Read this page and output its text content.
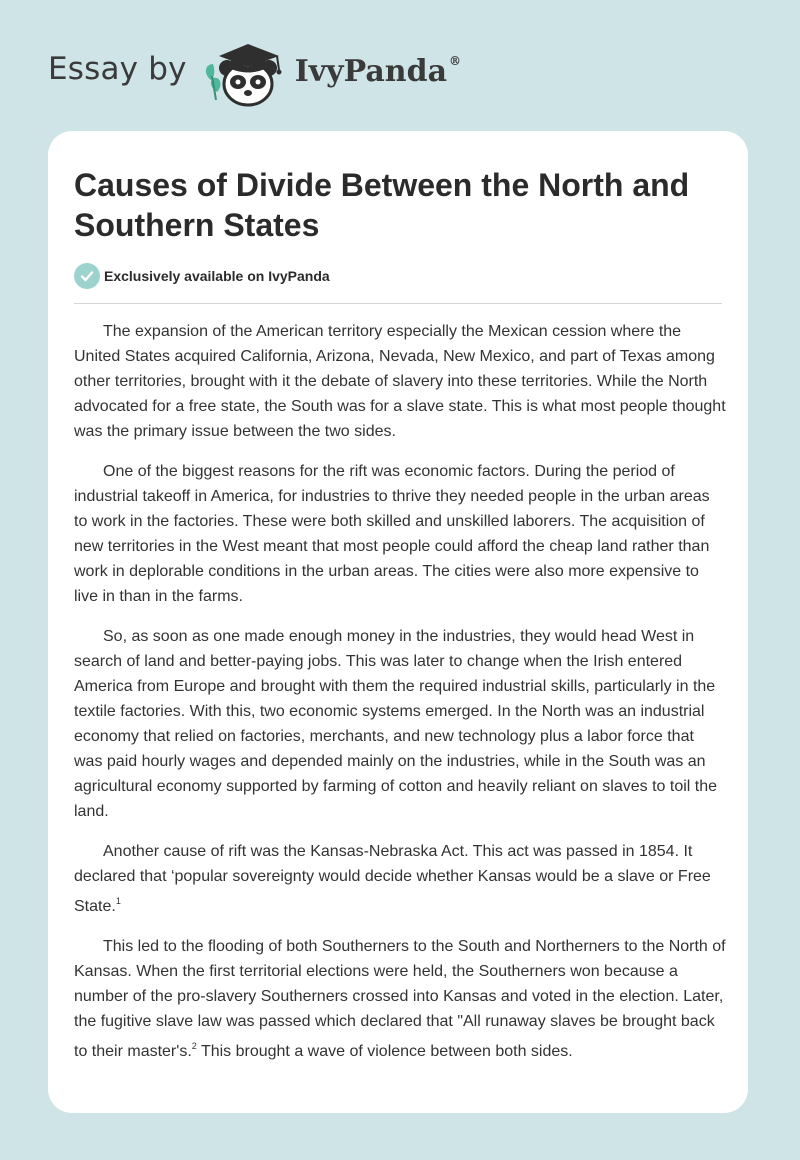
Essay by	IvyPanda ®
Causes of Divide Between the North and Southern States
Exclusively available on IvyPanda

The expansion of the American territory especially the Mexican cession where the United States acquired California, Arizona, Nevada, New Mexico, and part of Texas among other territories, brought with it the debate of slavery into these territories. While the North advocated for a free state, the South was for a slave state. This is what most people thought was the primary issue between the two sides.

One of the biggest reasons for the rift was economic factors. During the period of industrial takeoff in America, for industries to thrive they needed people in the urban areas to work in the factories. These were both skilled and unskilled laborers. The acquisition of new territories in the West meant that most people could afford the cheap land rather than work in deplorable conditions in the urban areas. The cities were also more expensive to live in than in the farms.

So, as soon as one made enough money in the industries, they would head West in search of land and better-paying jobs. This was later to change when the Irish entered America from Europe and brought with them the required industrial skills, particularly in the textile factories. With this, two economic systems emerged. In the North was an industrial economy that relied on factories, merchants, and new technology plus a labor force that was paid hourly wages and depended mainly on the industries, while in the South was an agricultural economy supported by farming of cotton and heavily reliant on slaves to toil the land.

Another cause of rift was the Kansas-Nebraska Act. This act was passed in 1854. It declared that ‘popular sovereignty would decide whether Kansas would be a slave or Free State.$^1$

This led to the flooding of both Southerners to the South and Northerners to the North of Kansas. When the first territorial elections were held, the Southerners won because a number of the pro-slavery Southerners crossed into Kansas and voted in the election. Later, the fugitive slave law was passed which declared that "All runaway slaves be brought back to their master's.$^2$ This brought a wave of violence between both sides.
